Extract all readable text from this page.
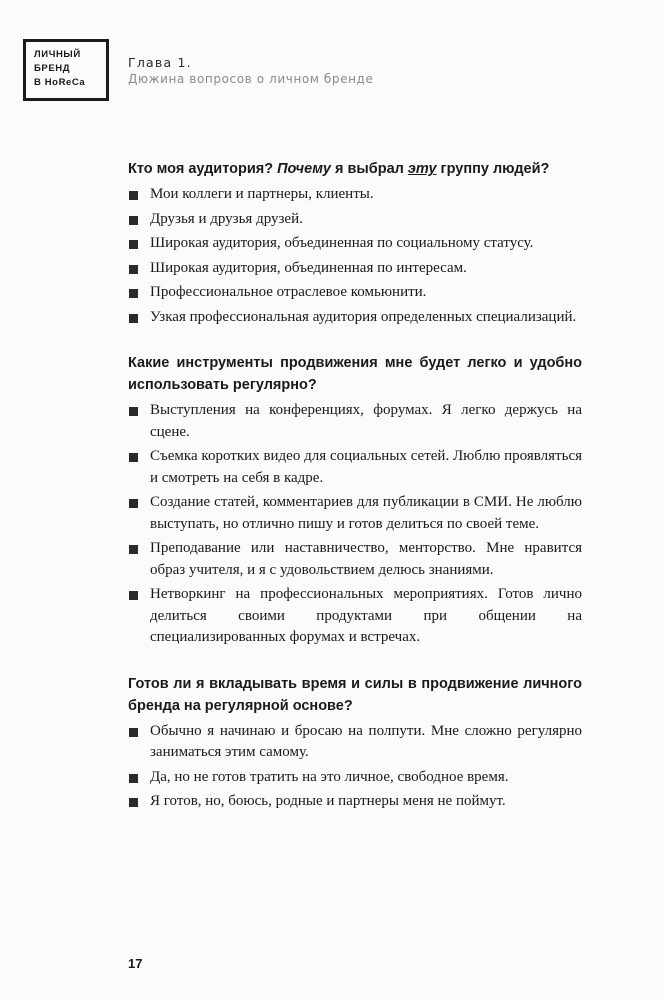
ЛИЧНЫЙ
БРЕНД
В HoReCa
Глава 1.
Дюжина вопросов о личном бренде

Кто моя аудитория? Почему я выбрал эту группу людей?

Мои коллеги и партнеры, клиенты.
Друзья и друзья друзей.
Широкая аудитория, объединенная по социальному статусу.
Широкая аудитория, объединенная по интересам.
Профессиональное отраслевое комьюнити.
Узкая профессиональная аудитория определенных специализаций.

Какие инструменты продвижения мне будет легко и удобно использовать регулярно?

Выступления на конференциях, форумах. Я легко держусь на сцене.
Съемка коротких видео для социальных сетей. Люблю проявляться и смотреть на себя в кадре.
Создание статей, комментариев для публикации в СМИ. Не люблю выступать, но отлично пишу и готов делиться по своей теме.
Преподавание или наставничество, менторство. Мне нравится образ учителя, и я с удовольствием делюсь знаниями.
Нетворкинг на профессиональных мероприятиях. Готов лично делиться своими продуктами при общении на специализированных форумах и встречах.

Готов ли я вкладывать время и силы в продвижение личного бренда на регулярной основе?

Обычно я начинаю и бросаю на полпути. Мне сложно регулярно заниматься этим самому.
Да, но не готов тратить на это личное, свободное время.
Я готов, но, боюсь, родные и партнеры меня не поймут.
17
